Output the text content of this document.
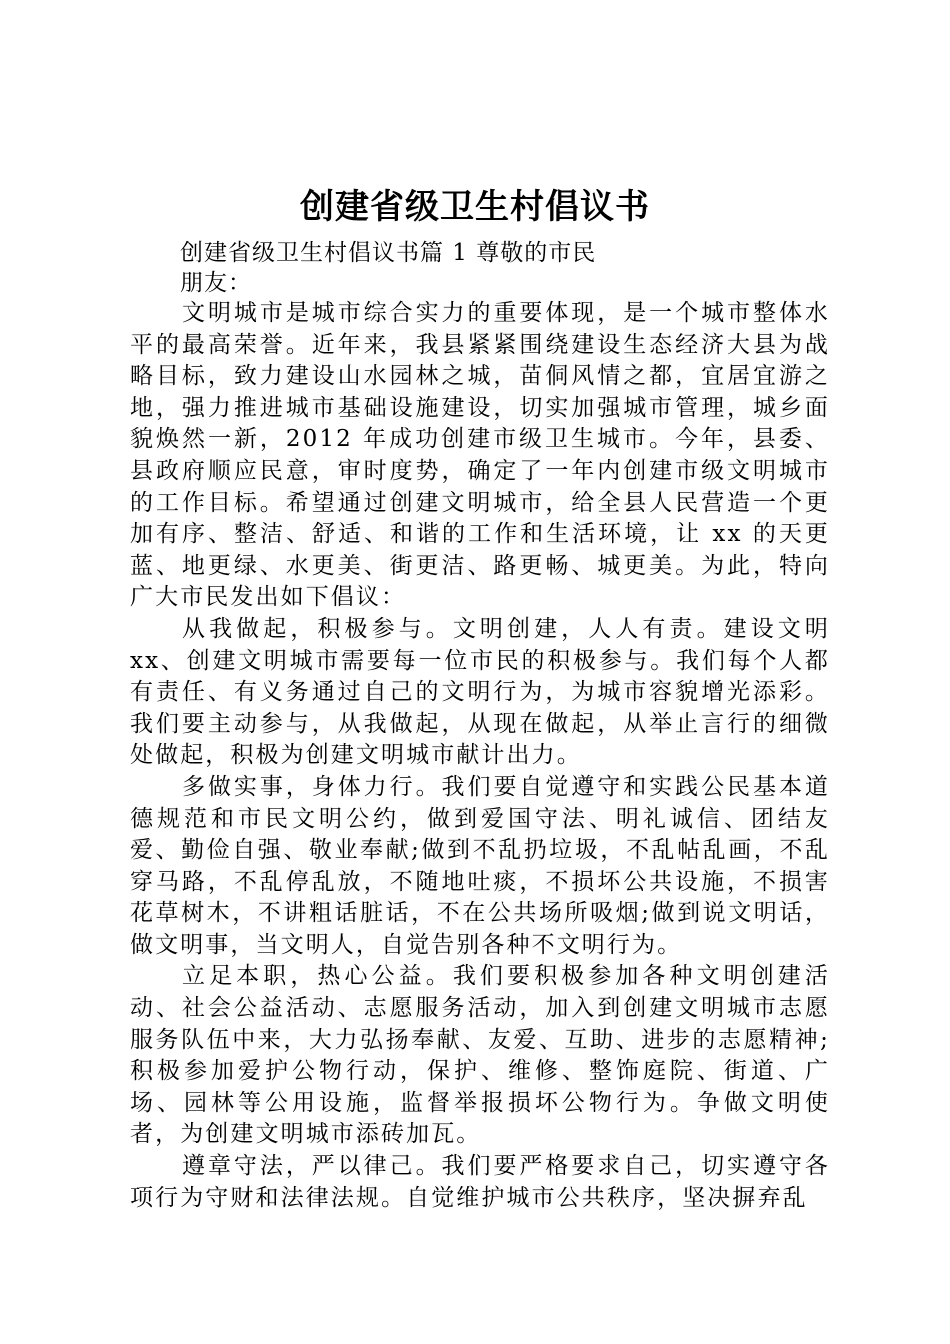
创建省级卫生村倡议书
创建省级卫生村倡议书篇 1 尊敬的市民
朋友：

文明城市是城市综合实力的重要体现，是一个城市整体水平的最高荣誉。近年来，我县紧紧围绕建设生态经济大县为战略目标，致力建设山水园林之城，苗侗风情之都，宜居宜游之地，强力推进城市基础设施建设，切实加强城市管理，城乡面貌焕然一新，2012 年成功创建市级卫生城市。今年，县委、县政府顺应民意，审时度势，确定了一年内创建市级文明城市的工作目标。希望通过创建文明城市，给全县人民营造一个更加有序、整洁、舒适、和谐的工作和生活环境，让 xx 的天更蓝、地更绿、水更美、街更洁、路更畅、城更美。为此，特向广大市民发出如下倡议：

从我做起，积极参与。文明创建，人人有责。建设文明 xx、创建文明城市需要每一位市民的积极参与。我们每个人都有责任、有义务通过自己的文明行为，为城市容貌增光添彩。我们要主动参与，从我做起，从现在做起，从举止言行的细微处做起，积极为创建文明城市献计出力。

多做实事，身体力行。我们要自觉遵守和实践公民基本道德规范和市民文明公约，做到爱国守法、明礼诚信、团结友爱、勤俭自强、敬业奉献;做到不乱扔垃圾，不乱帖乱画，不乱穿马路，不乱停乱放，不随地吐痰，不损坏公共设施，不损害花草树木，不讲粗话脏话，不在公共场所吸烟;做到说文明话，做文明事，当文明人，自觉告别各种不文明行为。

立足本职，热心公益。我们要积极参加各种文明创建活动、社会公益活动、志愿服务活动，加入到创建文明城市志愿服务队伍中来，大力弘扬奉献、友爱、互助、进步的志愿精神;积极参加爱护公物行动，保护、维修、整饰庭院、街道、广场、园林等公用设施，监督举报损坏公物行为。争做文明使者，为创建文明城市添砖加瓦。

遵章守法，严以律己。我们要严格要求自己，切实遵守各项行为守财和法律法规。自觉维护城市公共秩序，坚决摒弃乱
